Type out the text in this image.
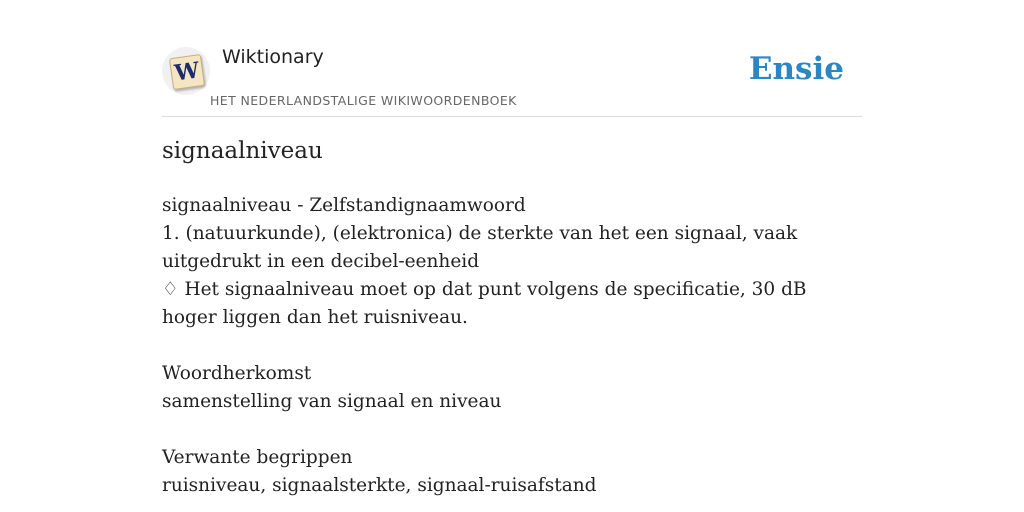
W
Wiktionary
HET NEDERLANDSTALIGE WIKIWOORDENBOEK
Ensie
signaalniveau

signaalniveau - Zelfstandignaamwoord

1. (natuurkunde), (elektronica) de sterkte van het een signaal, vaak uitgedrukt in een decibel-eenheid

♢ Het signaalniveau moet op dat punt volgens de specificatie, 30 dB hoger liggen dan het ruisniveau.

Woordherkomst

samenstelling van signaal en niveau

Verwante begrippen

ruisniveau, signaalsterkte, signaal-ruisafstand
